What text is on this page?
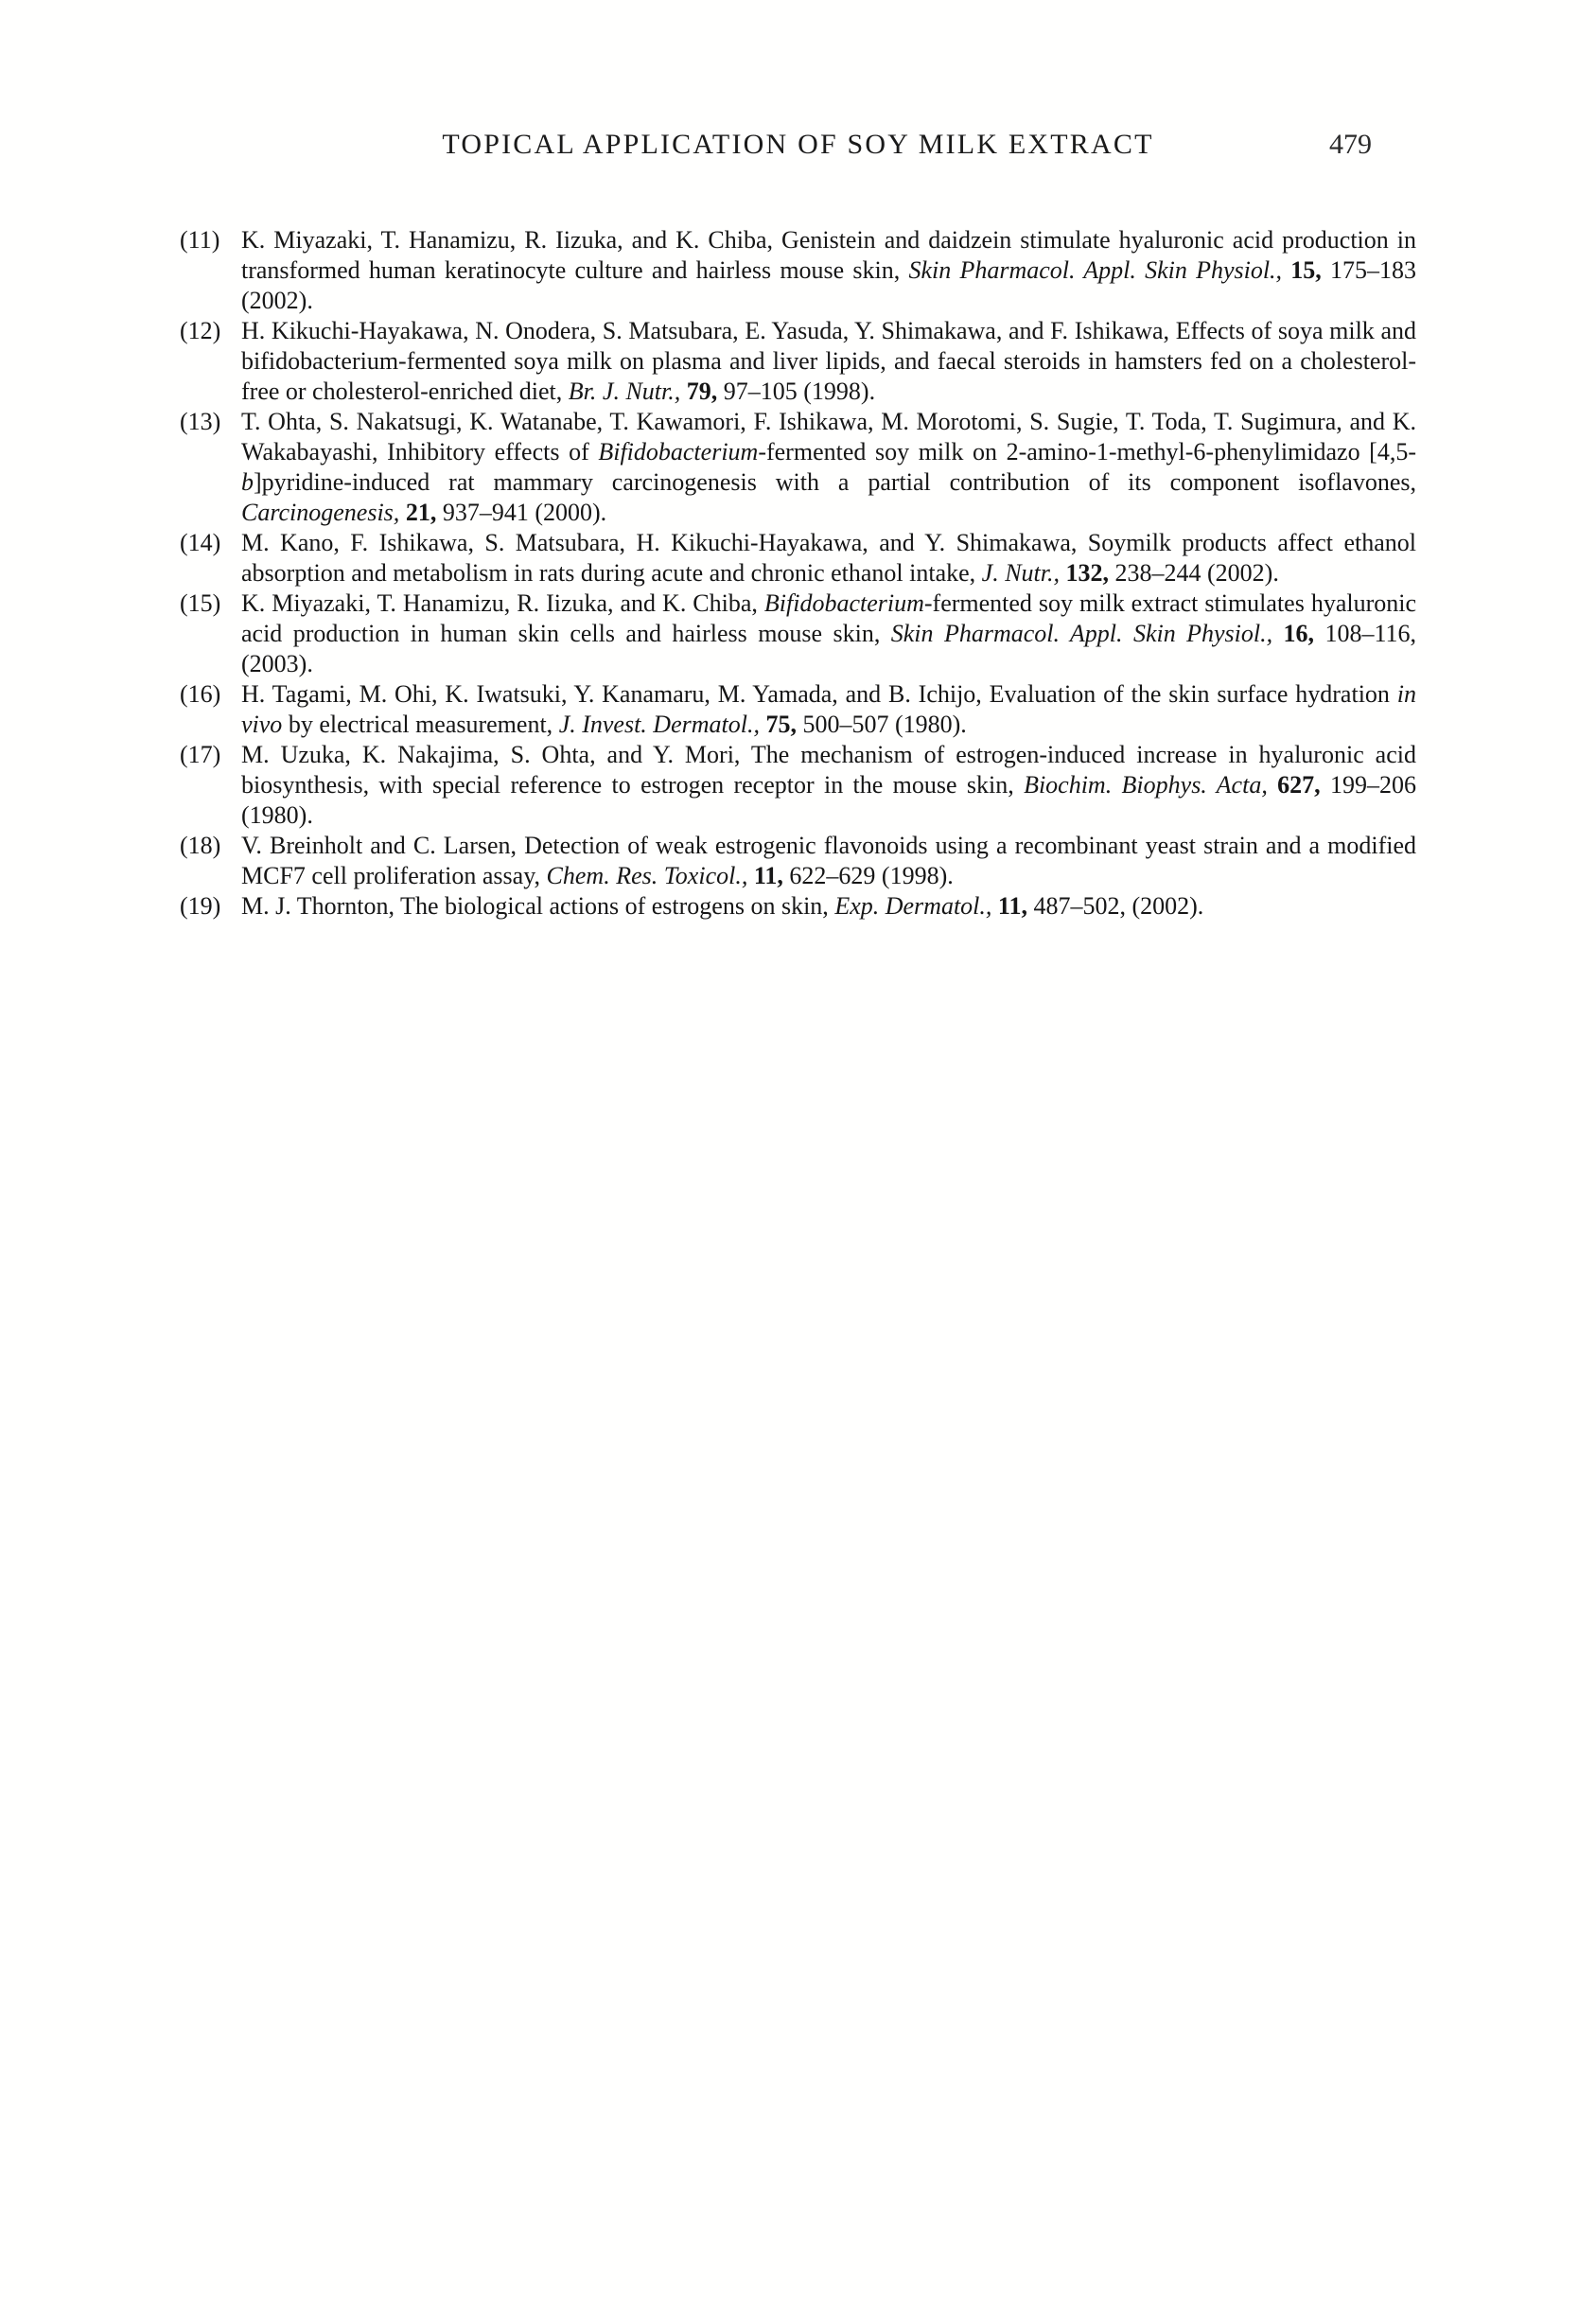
TOPICAL APPLICATION OF SOY MILK EXTRACT	479
(11) K. Miyazaki, T. Hanamizu, R. Iizuka, and K. Chiba, Genistein and daidzein stimulate hyaluronic acid production in transformed human keratinocyte culture and hairless mouse skin, Skin Pharmacol. Appl. Skin Physiol., 15, 175–183 (2002).
(12) H. Kikuchi-Hayakawa, N. Onodera, S. Matsubara, E. Yasuda, Y. Shimakawa, and F. Ishikawa, Effects of soya milk and bifidobacterium-fermented soya milk on plasma and liver lipids, and faecal steroids in hamsters fed on a cholesterol-free or cholesterol-enriched diet, Br. J. Nutr., 79, 97–105 (1998).
(13) T. Ohta, S. Nakatsugi, K. Watanabe, T. Kawamori, F. Ishikawa, M. Morotomi, S. Sugie, T. Toda, T. Sugimura, and K. Wakabayashi, Inhibitory effects of Bifidobacterium-fermented soy milk on 2-amino-1-methyl-6-phenylimidazo [4,5-b]pyridine-induced rat mammary carcinogenesis with a partial contribution of its component isoflavones, Carcinogenesis, 21, 937–941 (2000).
(14) M. Kano, F. Ishikawa, S. Matsubara, H. Kikuchi-Hayakawa, and Y. Shimakawa, Soymilk products affect ethanol absorption and metabolism in rats during acute and chronic ethanol intake, J. Nutr., 132, 238–244 (2002).
(15) K. Miyazaki, T. Hanamizu, R. Iizuka, and K. Chiba, Bifidobacterium-fermented soy milk extract stimulates hyaluronic acid production in human skin cells and hairless mouse skin, Skin Pharmacol. Appl. Skin Physiol., 16, 108–116, (2003).
(16) H. Tagami, M. Ohi, K. Iwatsuki, Y. Kanamaru, M. Yamada, and B. Ichijo, Evaluation of the skin surface hydration in vivo by electrical measurement, J. Invest. Dermatol., 75, 500–507 (1980).
(17) M. Uzuka, K. Nakajima, S. Ohta, and Y. Mori, The mechanism of estrogen-induced increase in hyaluronic acid biosynthesis, with special reference to estrogen receptor in the mouse skin, Biochim. Biophys. Acta, 627, 199–206 (1980).
(18) V. Breinholt and C. Larsen, Detection of weak estrogenic flavonoids using a recombinant yeast strain and a modified MCF7 cell proliferation assay, Chem. Res. Toxicol., 11, 622–629 (1998).
(19) M. J. Thornton, The biological actions of estrogens on skin, Exp. Dermatol., 11, 487–502, (2002).
